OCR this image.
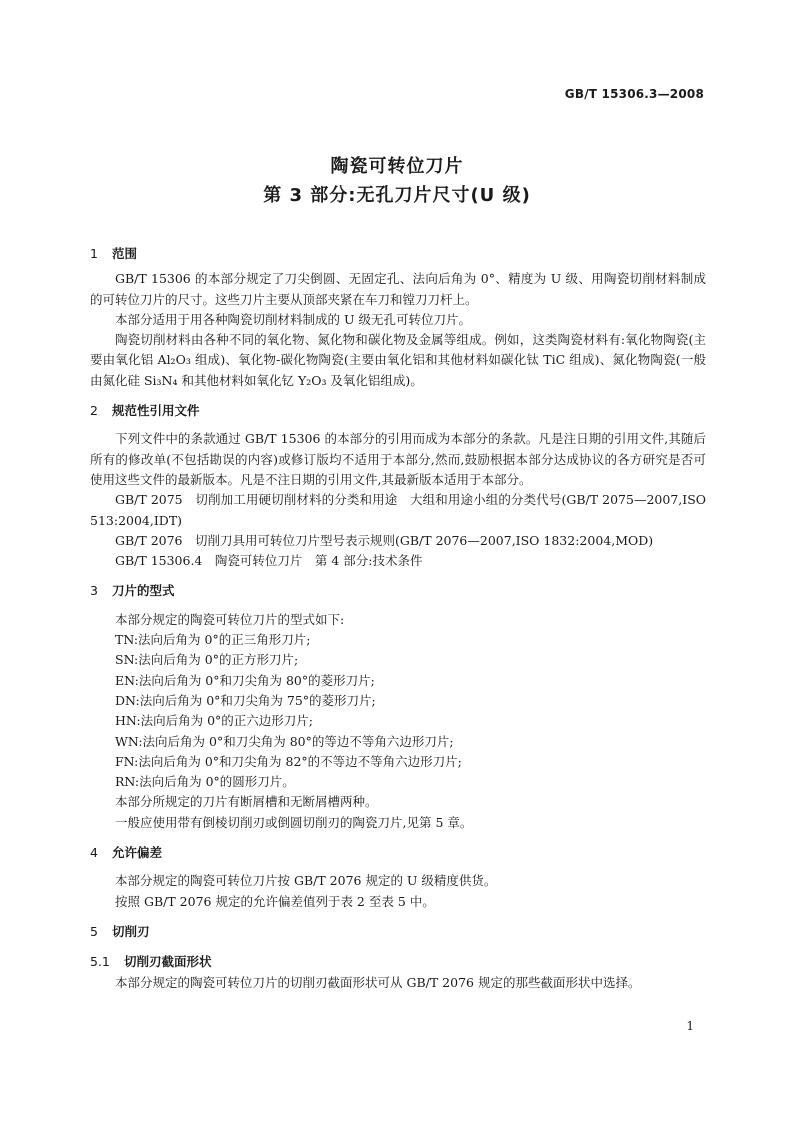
GB/T 15306.3—2008
陶瓷可转位刀片
第 3 部分:无孔刀片尺寸(U 级)

1 范围

GB/T 15306 的本部分规定了刀尖倒圆、无固定孔、法向后角为 0°、精度为 U 级、用陶瓷切削材料制成的可转位刀片的尺寸。这些刀片主要从顶部夹紧在车刀和镗刀刀杆上。

本部分适用于用各种陶瓷切削材料制成的 U 级无孔可转位刀片。

陶瓷切削材料由各种不同的氧化物、氮化物和碳化物及金属等组成。例如，这类陶瓷材料有:氧化物陶瓷(主要由氧化铝 Al₂O₃ 组成)、氧化物-碳化物陶瓷(主要由氧化铝和其他材料如碳化钛 TiC 组成)、氮化物陶瓷(一般由氮化硅 Si₃N₄ 和其他材料如氧化钇 Y₂O₃ 及氧化铝组成)。

2 规范性引用文件

下列文件中的条款通过 GB/T 15306 的本部分的引用而成为本部分的条款。凡是注日期的引用文件,其随后所有的修改单(不包括勘误的内容)或修订版均不适用于本部分,然而,鼓励根据本部分达成协议的各方研究是否可使用这些文件的最新版本。凡是不注日期的引用文件,其最新版本适用于本部分。

GB/T 2075　切削加工用硬切削材料的分类和用途　大组和用途小组的分类代号(GB/T 2075—2007,ISO 513:2004,IDT)

GB/T 2076　切削刀具用可转位刀片型号表示规则(GB/T 2076—2007,ISO 1832:2004,MOD)

GB/T 15306.4　陶瓷可转位刀片　第 4 部分:技术条件

3 刀片的型式

本部分规定的陶瓷可转位刀片的型式如下:

TN:法向后角为 0°的正三角形刀片;

SN:法向后角为 0°的正方形刀片;

EN:法向后角为 0°和刀尖角为 80°的菱形刀片;

DN:法向后角为 0°和刀尖角为 75°的菱形刀片;

HN:法向后角为 0°的正六边形刀片;

WN:法向后角为 0°和刀尖角为 80°的等边不等角六边形刀片;

FN:法向后角为 0°和刀尖角为 82°的不等边不等角六边形刀片;

RN:法向后角为 0°的圆形刀片。

本部分所规定的刀片有断屑槽和无断屑槽两种。

一般应使用带有倒棱切削刃或倒圆切削刃的陶瓷刀片,见第 5 章。

4 允许偏差

本部分规定的陶瓷可转位刀片按 GB/T 2076 规定的 U 级精度供货。

按照 GB/T 2076 规定的允许偏差值列于表 2 至表 5 中。

5 切削刃

5.1 切削刃截面形状

本部分规定的陶瓷可转位刀片的切削刃截面形状可从 GB/T 2076 规定的那些截面形状中选择。

1
